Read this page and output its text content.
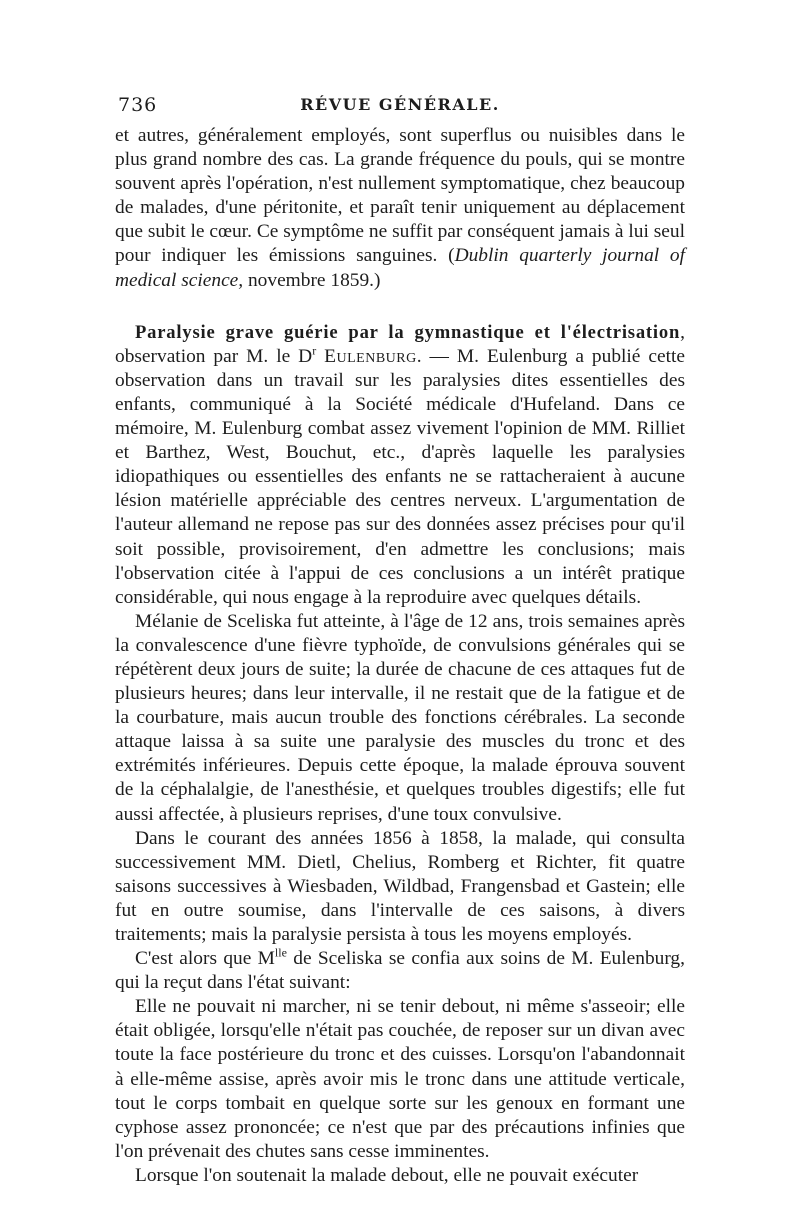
736	RÉVUE GÉNÉRALE.

et autres, généralement employés, sont superflus ou nuisibles dans le plus grand nombre des cas. La grande fréquence du pouls, qui se montre souvent après l'opération, n'est nullement symptomatique, chez beaucoup de malades, d'une péritonite, et paraît tenir uniquement au déplacement que subit le cœur. Ce symptôme ne suffit par conséquent jamais à lui seul pour indiquer les émissions sanguines. (Dublin quarterly journal of medical science, novembre 1859.)

Paralysie grave guérie par la gymnastique et l'électrisation, observation par M. le $D^r$ Eulenburg. — M. Eulenburg a publié cette observation dans un travail sur les paralysies dites essentielles des enfants, communiqué à la Société médicale d'Hufeland. Dans ce mémoire, M. Eulenburg combat assez vivement l'opinion de MM. Rilliet et Barthez, West, Bouchut, etc., d'après laquelle les paralysies idiopathiques ou essentielles des enfants ne se rattacheraient à aucune lésion matérielle appréciable des centres nerveux. L'argumentation de l'auteur allemand ne repose pas sur des données assez précises pour qu'il soit possible, provisoirement, d'en admettre les conclusions; mais l'observation citée à l'appui de ces conclusions a un intérêt pratique considérable, qui nous engage à la reproduire avec quelques détails.

Mélanie de Sceliska fut atteinte, à l'âge de 12 ans, trois semaines après la convalescence d'une fièvre typhoïde, de convulsions générales qui se répétèrent deux jours de suite; la durée de chacune de ces attaques fut de plusieurs heures; dans leur intervalle, il ne restait que de la fatigue et de la courbature, mais aucun trouble des fonctions cérébrales. La seconde attaque laissa à sa suite une paralysie des muscles du tronc et des extrémités inférieures. Depuis cette époque, la malade éprouva souvent de la céphalalgie, de l'anesthésie, et quelques troubles digestifs; elle fut aussi affectée, à plusieurs reprises, d'une toux convulsive.

Dans le courant des années 1856 à 1858, la malade, qui consulta successivement MM. Dietl, Chelius, Romberg et Richter, fit quatre saisons successives à Wiesbaden, Wildbad, Frangensbad et Gastein; elle fut en outre soumise, dans l'intervalle de ces saisons, à divers traitements; mais la paralysie persista à tous les moyens employés.

C'est alors que $M^{lle}$ de Sceliska se confia aux soins de M. Eulenburg, qui la reçut dans l'état suivant:

Elle ne pouvait ni marcher, ni se tenir debout, ni même s'asseoir; elle était obligée, lorsqu'elle n'était pas couchée, de reposer sur un divan avec toute la face postérieure du tronc et des cuisses. Lorsqu'on l'abandonnait à elle-même assise, après avoir mis le tronc dans une attitude verticale, tout le corps tombait en quelque sorte sur les genoux en formant une cyphose assez prononcée; ce n'est que par des précautions infinies que l'on prévenait des chutes sans cesse imminentes.

Lorsque l'on soutenait la malade debout, elle ne pouvait exécuter
